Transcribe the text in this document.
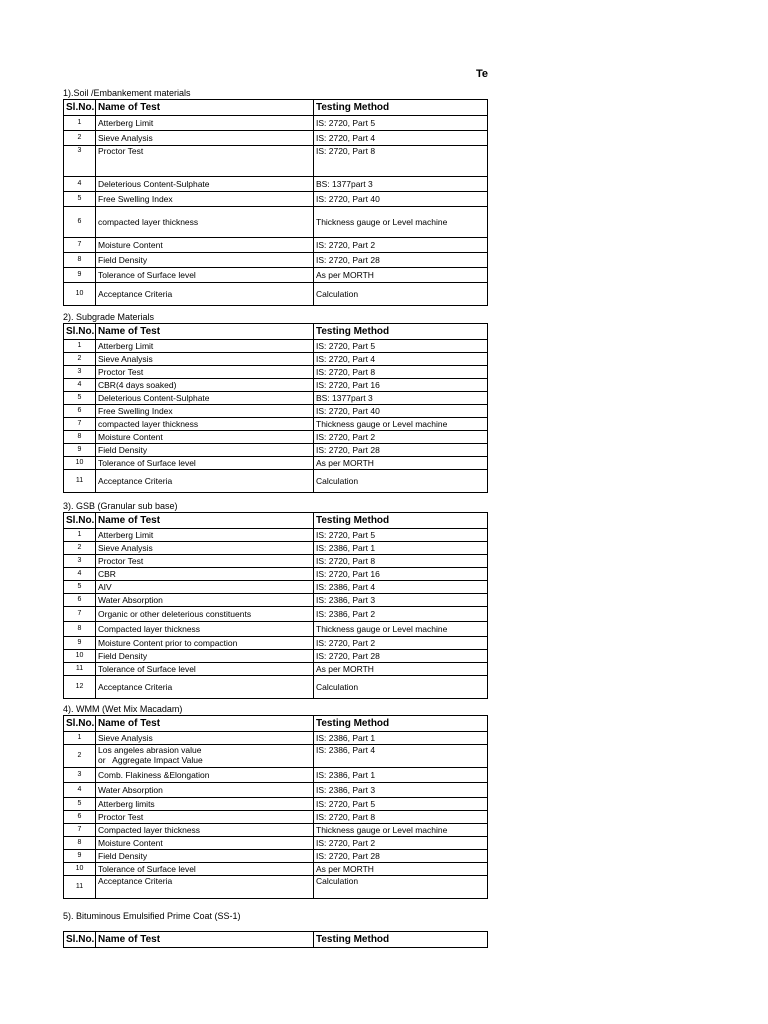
Te
1).Soil /Embankement materials
Sl.No.	Name of Test	Testing Method
1	Atterberg Limit	IS: 2720, Part 5
2	Sieve Analysis	IS: 2720, Part 4
3	Proctor Test	IS: 2720, Part 8
4	Deleterious Content-Sulphate	BS: 1377part 3
5	Free Swelling Index	IS: 2720, Part 40
6	compacted layer thickness	Thickness gauge or Level machine
7	Moisture Content	IS: 2720, Part 2
8	Field Density	IS: 2720, Part 28
9	Tolerance of Surface level	As per MORTH
10	Acceptance Criteria	Calculation
2). Subgrade Materials
Sl.No.	Name of Test	Testing Method
1	Atterberg Limit	IS: 2720, Part 5
2	Sieve Analysis	IS: 2720, Part 4
3	Proctor Test	IS: 2720, Part 8
4	CBR(4 days soaked)	IS: 2720, Part 16
5	Deleterious Content-Sulphate	BS: 1377part 3
6	Free Swelling Index	IS: 2720, Part 40
7	compacted layer thickness	Thickness gauge or Level machine
8	Moisture Content	IS: 2720, Part 2
9	Field Density	IS: 2720, Part 28
10	Tolerance of Surface level	As per MORTH
11	Acceptance Criteria	Calculation
3). GSB (Granular sub base)
Sl.No.	Name of Test	Testing Method
1	Atterberg Limit	IS: 2720, Part 5
2	Sieve Analysis	IS: 2386, Part 1
3	Proctor Test	IS: 2720, Part 8
4	CBR	IS: 2720, Part 16
5	AIV	IS: 2386, Part 4
6	Water Absorption	IS: 2386, Part 3
7	Organic or other deleterious constituents	IS: 2386, Part 2
8	Compacted layer thickness	Thickness gauge or Level machine
9	Moisture Content prior to compaction	IS: 2720, Part 2
10	Field Density	IS: 2720, Part 28
11	Tolerance of Surface level	As per MORTH
12	Acceptance Criteria	Calculation
4). WMM (Wet Mix Macadam)
Sl.No.	Name of Test	Testing Method
1	Sieve Analysis	IS: 2386, Part 1
2	Los angeles abrasion value
or   Aggregate Impact Value	IS: 2386, Part 4
3	Comb. Flakiness &Elongation	IS: 2386, Part 1
4	Water Absorption	IS: 2386, Part 3
5	Atterberg limits	IS: 2720, Part 5
6	Proctor Test	IS: 2720, Part 8
7	Compacted layer thickness	Thickness gauge or Level machine
8	Moisture Content	IS: 2720, Part 2
9	Field Density	IS: 2720, Part 28
10	Tolerance of Surface level	As per MORTH
11	Acceptance Criteria	Calculation
5). Bituminous Emulsified Prime Coat (SS-1)
Sl.No.	Name of Test	Testing Method
